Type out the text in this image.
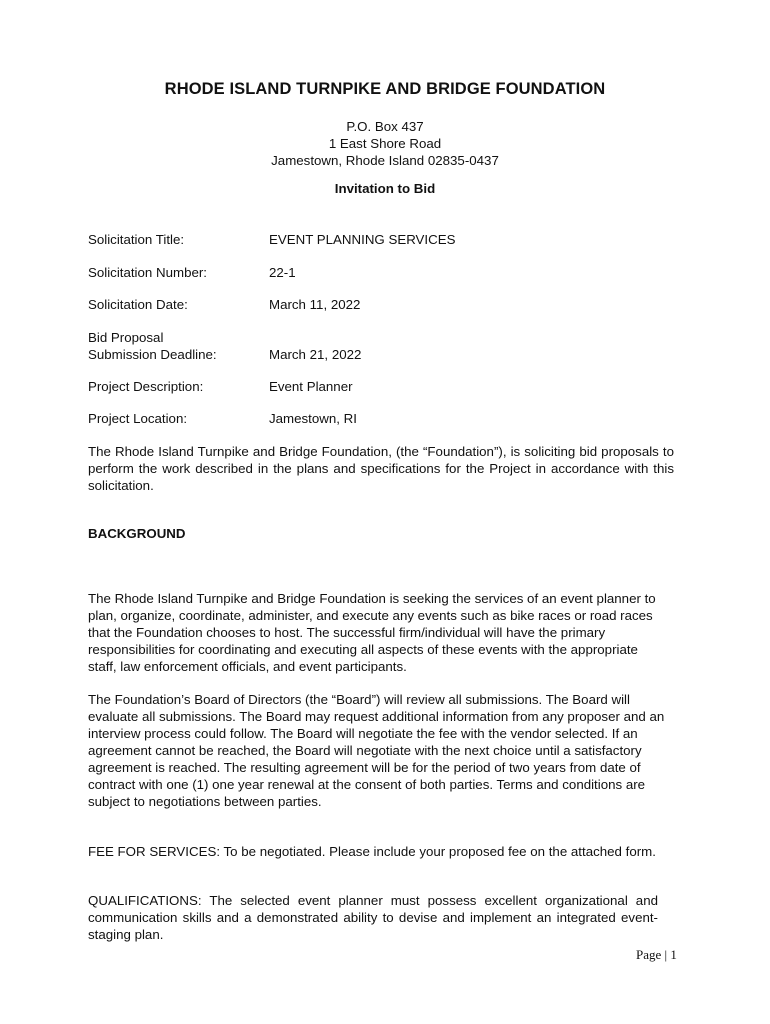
RHODE ISLAND TURNPIKE AND BRIDGE FOUNDATION
P.O. Box 437
1 East Shore Road
Jamestown, Rhode Island 02835-0437
Invitation to Bid
Solicitation Title:	EVENT PLANNING SERVICES
Solicitation Number:	22-1
Solicitation Date:	March 11, 2022
Bid Proposal
Submission Deadline:	March 21, 2022
Project Description:	Event Planner
Project Location:	Jamestown, RI
The Rhode Island Turnpike and Bridge Foundation, (the “Foundation”), is soliciting bid proposals to perform the work described in the plans and specifications for the Project in accordance with this solicitation.
BACKGROUND
The Rhode Island Turnpike and Bridge Foundation is seeking the services of an event planner to plan, organize, coordinate, administer, and execute any events such as bike races or road races that the Foundation chooses to host. The successful firm/individual will have the primary responsibilities for coordinating and executing all aspects of these events with the appropriate staff, law enforcement officials, and event participants.
The Foundation’s Board of Directors (the “Board”) will review all submissions. The Board will evaluate all submissions. The Board may request additional information from any proposer and an interview process could follow. The Board will negotiate the fee with the vendor selected. If an agreement cannot be reached, the Board will negotiate with the next choice until a satisfactory agreement is reached. The resulting agreement will be for the period of two years from date of contract with one (1) one year renewal at the consent of both parties. Terms and conditions are subject to negotiations between parties.
FEE FOR SERVICES: To be negotiated. Please include your proposed fee on the attached form.
QUALIFICATIONS: The selected event planner must possess excellent organizational and communication skills and a demonstrated ability to devise and implement an integrated event-staging plan.
Page | 1
